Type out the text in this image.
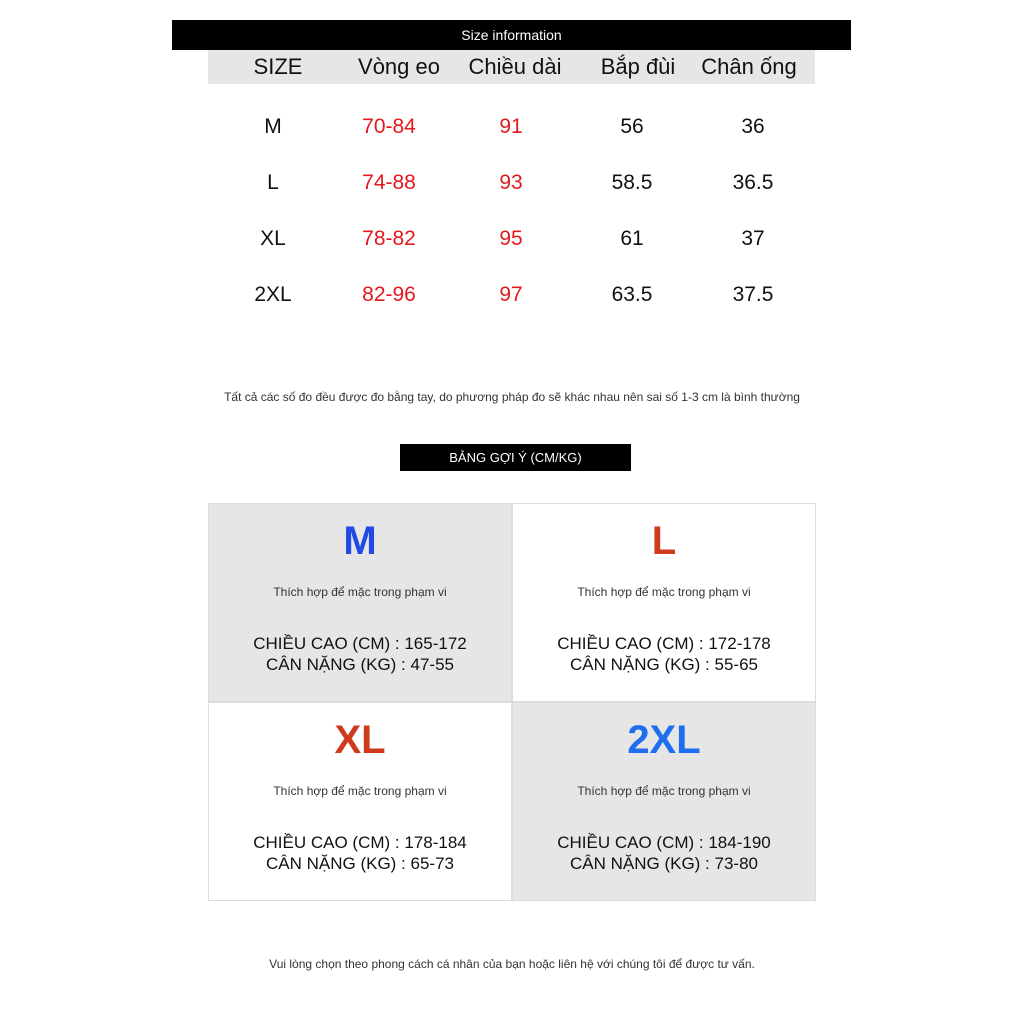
Size information
SIZE	Vòng eo	Chiều dài	Bắp đùi	Chân ống
M	70-84	91	56	36
L	74-88	93	58.5	36.5
XL	78-82	95	61	37
2XL	82-96	97	63.5	37.5
Tất cả các số đo đều được đo bằng tay, do phương pháp đo sẽ khác nhau nên sai số 1-3 cm là bình thường
BẢNG GỢI Ý (CM/KG)
M
Thích hợp để mặc trong phạm vi
CHIỀU CAO (CM) : 165-172
CÂN NẶNG (KG) : 47-55
L
Thích hợp để mặc trong phạm vi
CHIỀU CAO (CM) : 172-178
CÂN NẶNG (KG) : 55-65
XL
Thích hợp để mặc trong phạm vi
CHIỀU CAO (CM) : 178-184
CÂN NẶNG (KG) : 65-73
2XL
Thích hợp để mặc trong phạm vi
CHIỀU CAO (CM) : 184-190
CÂN NẶNG (KG) : 73-80
Vui lòng chọn theo phong cách cá nhân của bạn hoặc liên hệ với chúng tôi để được tư vấn.
